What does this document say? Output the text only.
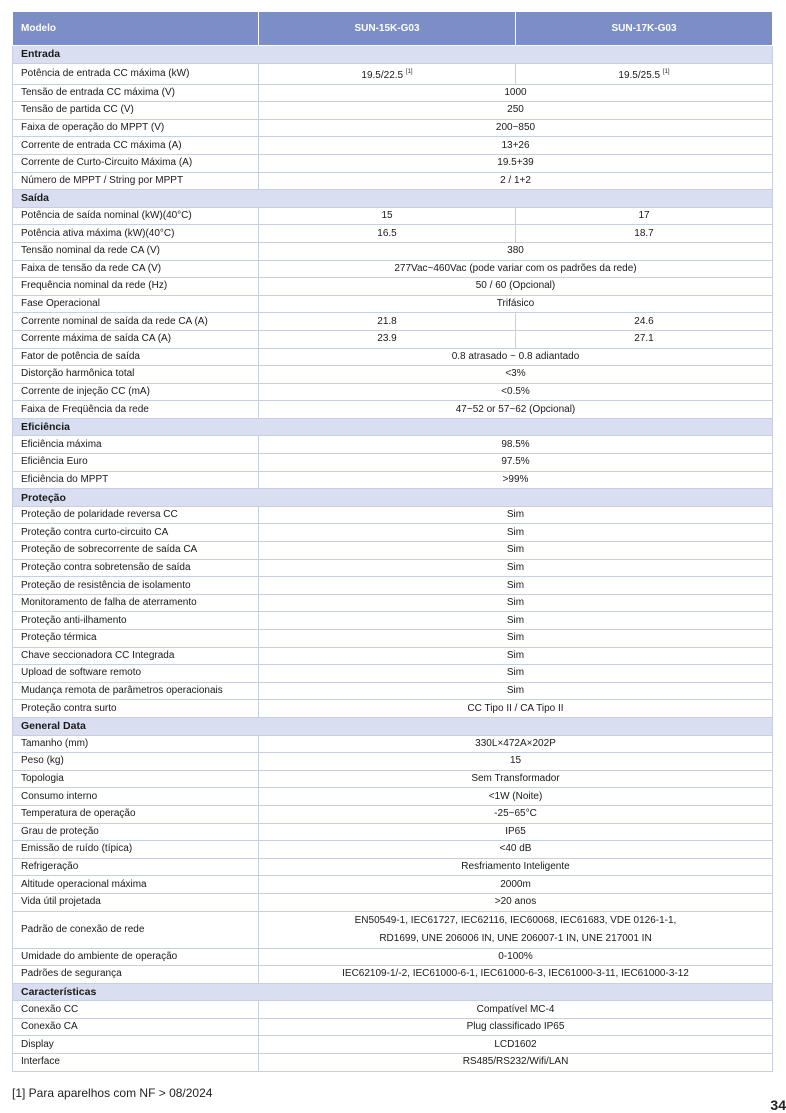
Modelo	SUN-15K-G03	SUN-17K-G03
Entrada		
Potência de entrada CC máxima (kW)	19.5/22.5 [1]	19.5/25.5 [1]
Tensão de entrada CC máxima (V)	1000	
Tensão de partida CC (V)	250	
Faixa de operação do MPPT (V)	200~850	
Corrente de entrada CC máxima (A)	13+26	
Corrente de Curto-Circuito Máxima (A)	19.5+39	
Número de MPPT / String por MPPT	2 / 1+2	
Saída		
Potência de saída nominal (kW)(40°C)	15	17
Potência ativa máxima (kW)(40°C)	16.5	18.7
Tensão nominal da rede CA (V)	380	
Faixa de tensão da rede CA (V)	277Vac~460Vac (pode variar com os padrões da rede)	
Frequência nominal da rede (Hz)	50 / 60 (Opcional)	
Fase Operacional	Trifásico	
Corrente nominal de saída da rede CA (A)	21.8	24.6
Corrente máxima de saída CA (A)	23.9	27.1
Fator de potência de saída	0.8 atrasado ~ 0.8 adiantado	
Distorção harmônica total	<3%	
Corrente de injeção CC (mA)	<0.5%	
Faixa de Freqüência da rede	47~52 or 57~62 (Opcional)	
Eficiência		
Eficiência máxima	98.5%	
Eficiência Euro	97.5%	
Eficiência do MPPT	>99%	
Proteção		
Proteção de polaridade reversa CC	Sim	
Proteção contra curto-circuito CA	Sim	
Proteção de sobrecorrente de saída CA	Sim	
Proteção contra sobretensão de saída	Sim	
Proteção de resistência de isolamento	Sim	
Monitoramento de falha de aterramento	Sim	
Proteção anti-ilhamento	Sim	
Proteção térmica	Sim	
Chave seccionadora CC Integrada	Sim	
Upload de software remoto	Sim	
Mudança remota de parâmetros operacionais	Sim	
Proteção contra surto	CC Tipo II / CA Tipo II	
General Data		
Tamanho (mm)	330L×472A×202P	
Peso (kg)	15	
Topologia	Sem Transformador	
Consumo interno	<1W (Noite)	
Temperatura de operação	-25~65°C	
Grau de proteção	IP65	
Emissão de ruído (típica)	<40 dB	
Refrigeração	Resfriamento Inteligente	
Altitude operacional máxima	2000m	
Vida útil projetada	>20 anos	
Padrão de conexão de rede	EN50549-1, IEC61727, IEC62116, IEC60068, IEC61683, VDE 0126-1-1,
RD1699, UNE 206006 IN, UNE 206007-1 IN, UNE 217001 IN	

Umidade do ambiente de operação	0-100%	
Padrões de segurança	IEC62109-1/-2, IEC61000-6-1, IEC61000-6-3, IEC61000-3-11, IEC61000-3-12	
Características		
Conexão CC	Compatível MC-4	
Conexão CA	Plug classificado IP65	
Display	LCD1602	
Interface	RS485/RS232/Wifi/LAN	
[1] Para aparelhos com NF > 08/2024
34
